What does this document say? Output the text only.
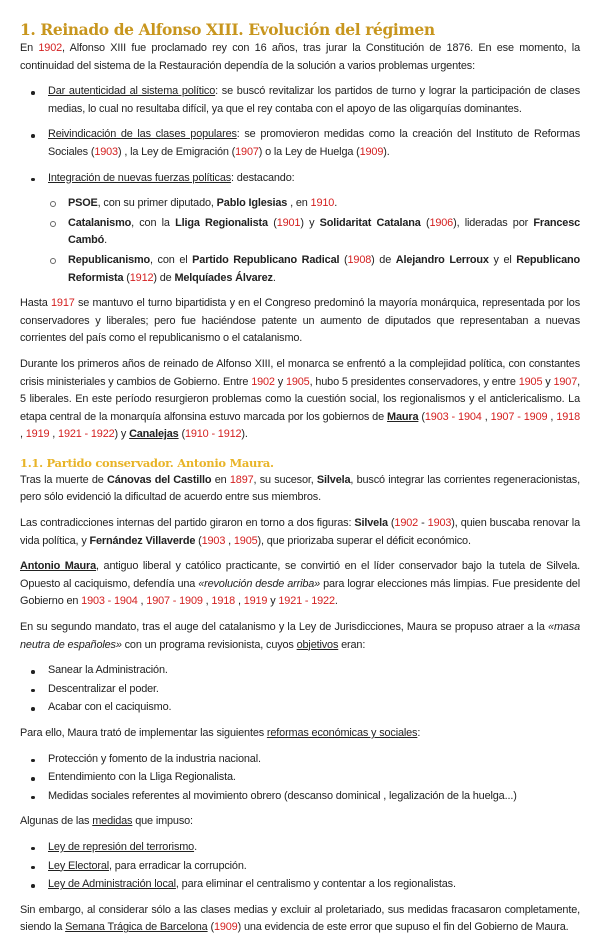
1. Reinado de Alfonso XIII. Evolución del régimen
En 1902, Alfonso XIII fue proclamado rey con 16 años, tras jurar la Constitución de 1876. En ese momento, la continuidad del sistema de la Restauración dependía de la solución a varios problemas urgentes:
Dar autenticidad al sistema político: se buscó revitalizar los partidos de turno y lograr la participación de clases medias, lo cual no resultaba difícil, ya que el rey contaba con el apoyo de las oligarquías dominantes.
Reivindicación de las clases populares: se promovieron medidas como la creación del Instituto de Reformas Sociales (1903) , la Ley de Emigración (1907) o la Ley de Huelga (1909).
Integración de nuevas fuerzas políticas: destacando:
PSOE, con su primer diputado, Pablo Iglesias , en 1910.
Catalanismo, con la Lliga Regionalista (1901) y Solidaritat Catalana (1906), lideradas por Francesc Cambó.
Republicanismo, con el Partido Republicano Radical (1908) de Alejandro Lerroux y el Republicano Reformista (1912) de Melquíades Álvarez.
Hasta 1917 se mantuvo el turno bipartidista y en el Congreso predominó la mayoría monárquica, representada por los conservadores y liberales; pero fue haciéndose patente un aumento de diputados que representaban a nuevas corrientes del país como el republicanismo o el catalanismo.
Durante los primeros años de reinado de Alfonso XIII, el monarca se enfrentó a la complejidad política, con constantes crisis ministeriales y cambios de Gobierno. Entre 1902 y 1905, hubo 5 presidentes conservadores, y entre 1905 y 1907, 5 liberales. En este período resurgieron problemas como la cuestión social, los regionalismos y el anticlericalismo. La etapa central de la monarquía alfonsina estuvo marcada por los gobiernos de Maura (1903 - 1904 , 1907 - 1909 , 1918 , 1919 , 1921 - 1922) y Canalejas (1910 - 1912).
1.1. Partido conservador. Antonio Maura.
Tras la muerte de Cánovas del Castillo en 1897, su sucesor, Silvela, buscó integrar las corrientes regeneracionistas, pero sólo evidenció la dificultad de acuerdo entre sus miembros.
Las contradicciones internas del partido giraron en torno a dos figuras: Silvela (1902 - 1903), quien buscaba renovar la vida política, y Fernández Villaverde (1903 , 1905), que priorizaba superar el déficit económico.
Antonio Maura, antiguo liberal y católico practicante, se convirtió en el líder conservador bajo la tutela de Silvela. Opuesto al caciquismo, defendía una «revolución desde arriba» para lograr elecciones más limpias. Fue presidente del Gobierno en 1903 - 1904 , 1907 - 1909 , 1918 , 1919 y 1921 - 1922.
En su segundo mandato, tras el auge del catalanismo y la Ley de Jurisdicciones, Maura se propuso atraer a la «masa neutra de españoles» con un programa revisionista, cuyos objetivos eran:
Sanear la Administración.
Descentralizar el poder.
Acabar con el caciquismo.
Para ello, Maura trató de implementar las siguientes reformas económicas y sociales:
Protección y fomento de la industria nacional.
Entendimiento con la Lliga Regionalista.
Medidas sociales referentes al movimiento obrero (descanso dominical , legalización de la huelga...)
Algunas de las medidas que impuso:
Ley de represión del terrorismo.
Ley Electoral, para erradicar la corrupción.
Ley de Administración local, para eliminar el centralismo y contentar a los regionalistas.
Sin embargo, al considerar sólo a las clases medias y excluir al proletariado, sus medidas fracasaron completamente, siendo la Semana Trágica de Barcelona (1909) una evidencia de este error que supuso el fin del Gobierno de Maura.
